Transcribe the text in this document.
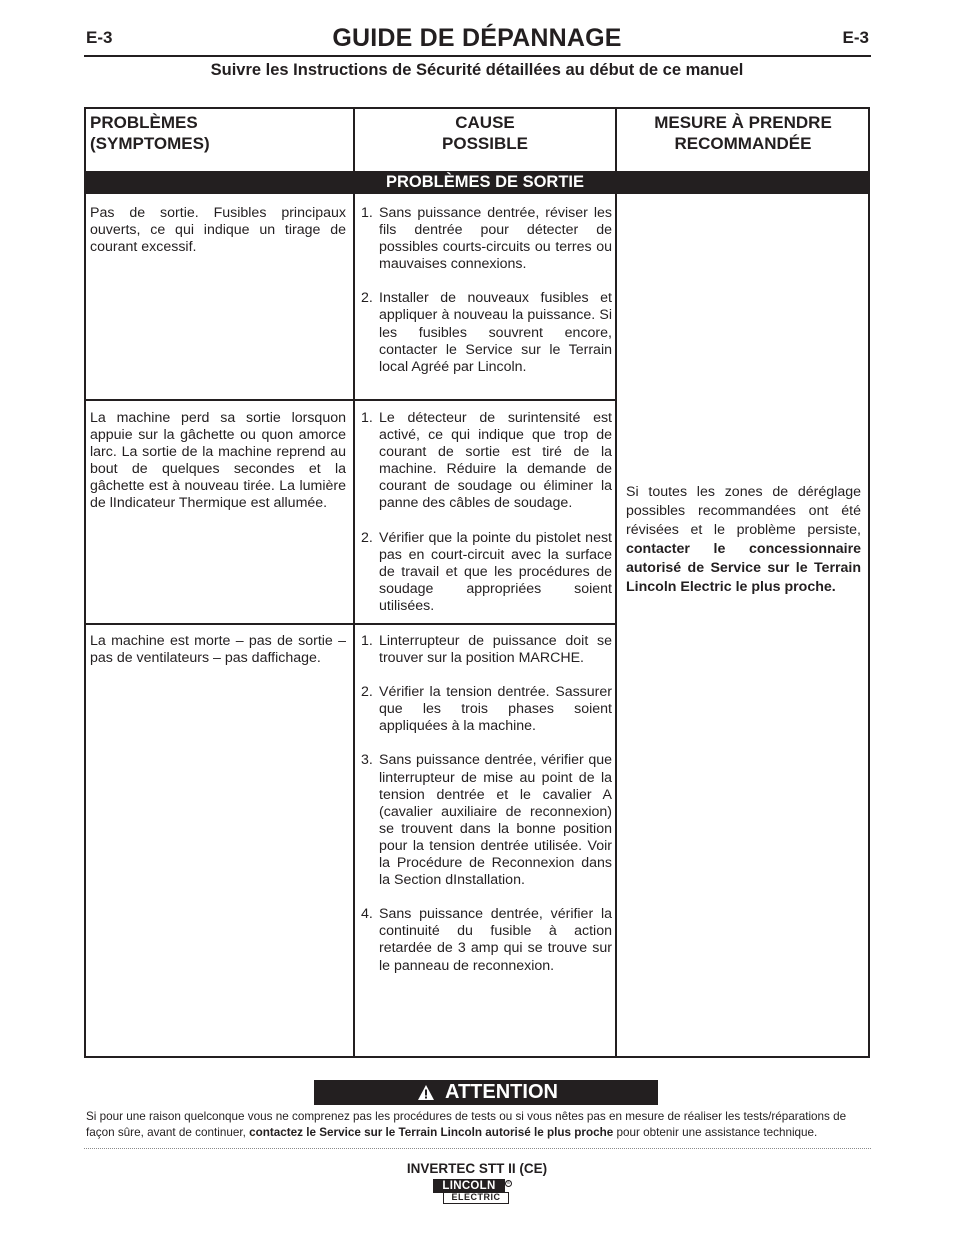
E-3	GUIDE DE DÉPANNAGE	E-3
Suivre les Instructions de Sécurité détaillées au début de ce manuel
PROBLÈMES
(SYMPTOMES)
CAUSE
POSSIBLE
MESURE À PRENDRE
RECOMMANDÉE
PROBLÈMES DE SORTIE
Pas de sortie. Fusibles principaux ouverts, ce qui indique un tirage de courant excessif.
1. Sans puissance dentrée, réviser les fils dentrée pour détecter de possibles courts-circuits ou terres ou mauvaises connexions.
2. Installer de nouveaux fusibles et appliquer à nouveau la puissance. Si les fusibles souvrent encore, contacter le Service sur le Terrain local Agréé par Lincoln.
La machine perd sa sortie lorsquon appuie sur la gâchette ou quon amorce larc. La sortie de la machine reprend au bout de quelques secondes et la gâchette est à nouveau tirée. La lumière de lIndicateur Thermique est allumée.
1. Le détecteur de surintensité est activé, ce qui indique que trop de courant de sortie est tiré de la machine. Réduire la demande de courant de soudage ou éliminer la panne des câbles de soudage.
2. Vérifier que la pointe du pistolet nest pas en court-circuit avec la surface de travail et que les procédures de soudage appropriées soient utilisées.
La machine est morte – pas de sortie – pas de ventilateurs – pas daffichage.
1. Linterrupteur de puissance doit se trouver sur la position MARCHE.
2. Vérifier la tension dentrée. Sassurer que les trois phases soient appliquées à la machine.
3. Sans puissance dentrée, vérifier que linterrupteur de mise au point de la tension dentrée et le cavalier A (cavalier auxiliaire de reconnexion) se trouvent dans la bonne position pour la tension dentrée utilisée. Voir la Procédure de Reconnexion dans la Section dInstallation.
4. Sans puissance dentrée, vérifier la continuité du fusible à action retardée de 3 amp qui se trouve sur le panneau de reconnexion.
Si toutes les zones de déréglage possibles recommandées ont été révisées et le problème persiste, contacter le concessionnaire autorisé de Service sur le Terrain Lincoln Electric le plus proche.
ATTENTION
Si pour une raison quelconque vous ne comprenez pas les procédures de tests ou si vous nêtes pas en mesure de réaliser les tests/réparations de façon sûre, avant de continuer, contactez le Service sur le Terrain Lincoln autorisé le plus proche pour obtenir une assistance technique.
INVERTEC STT II (CE)
LINCOLN
ELECTRIC
®
